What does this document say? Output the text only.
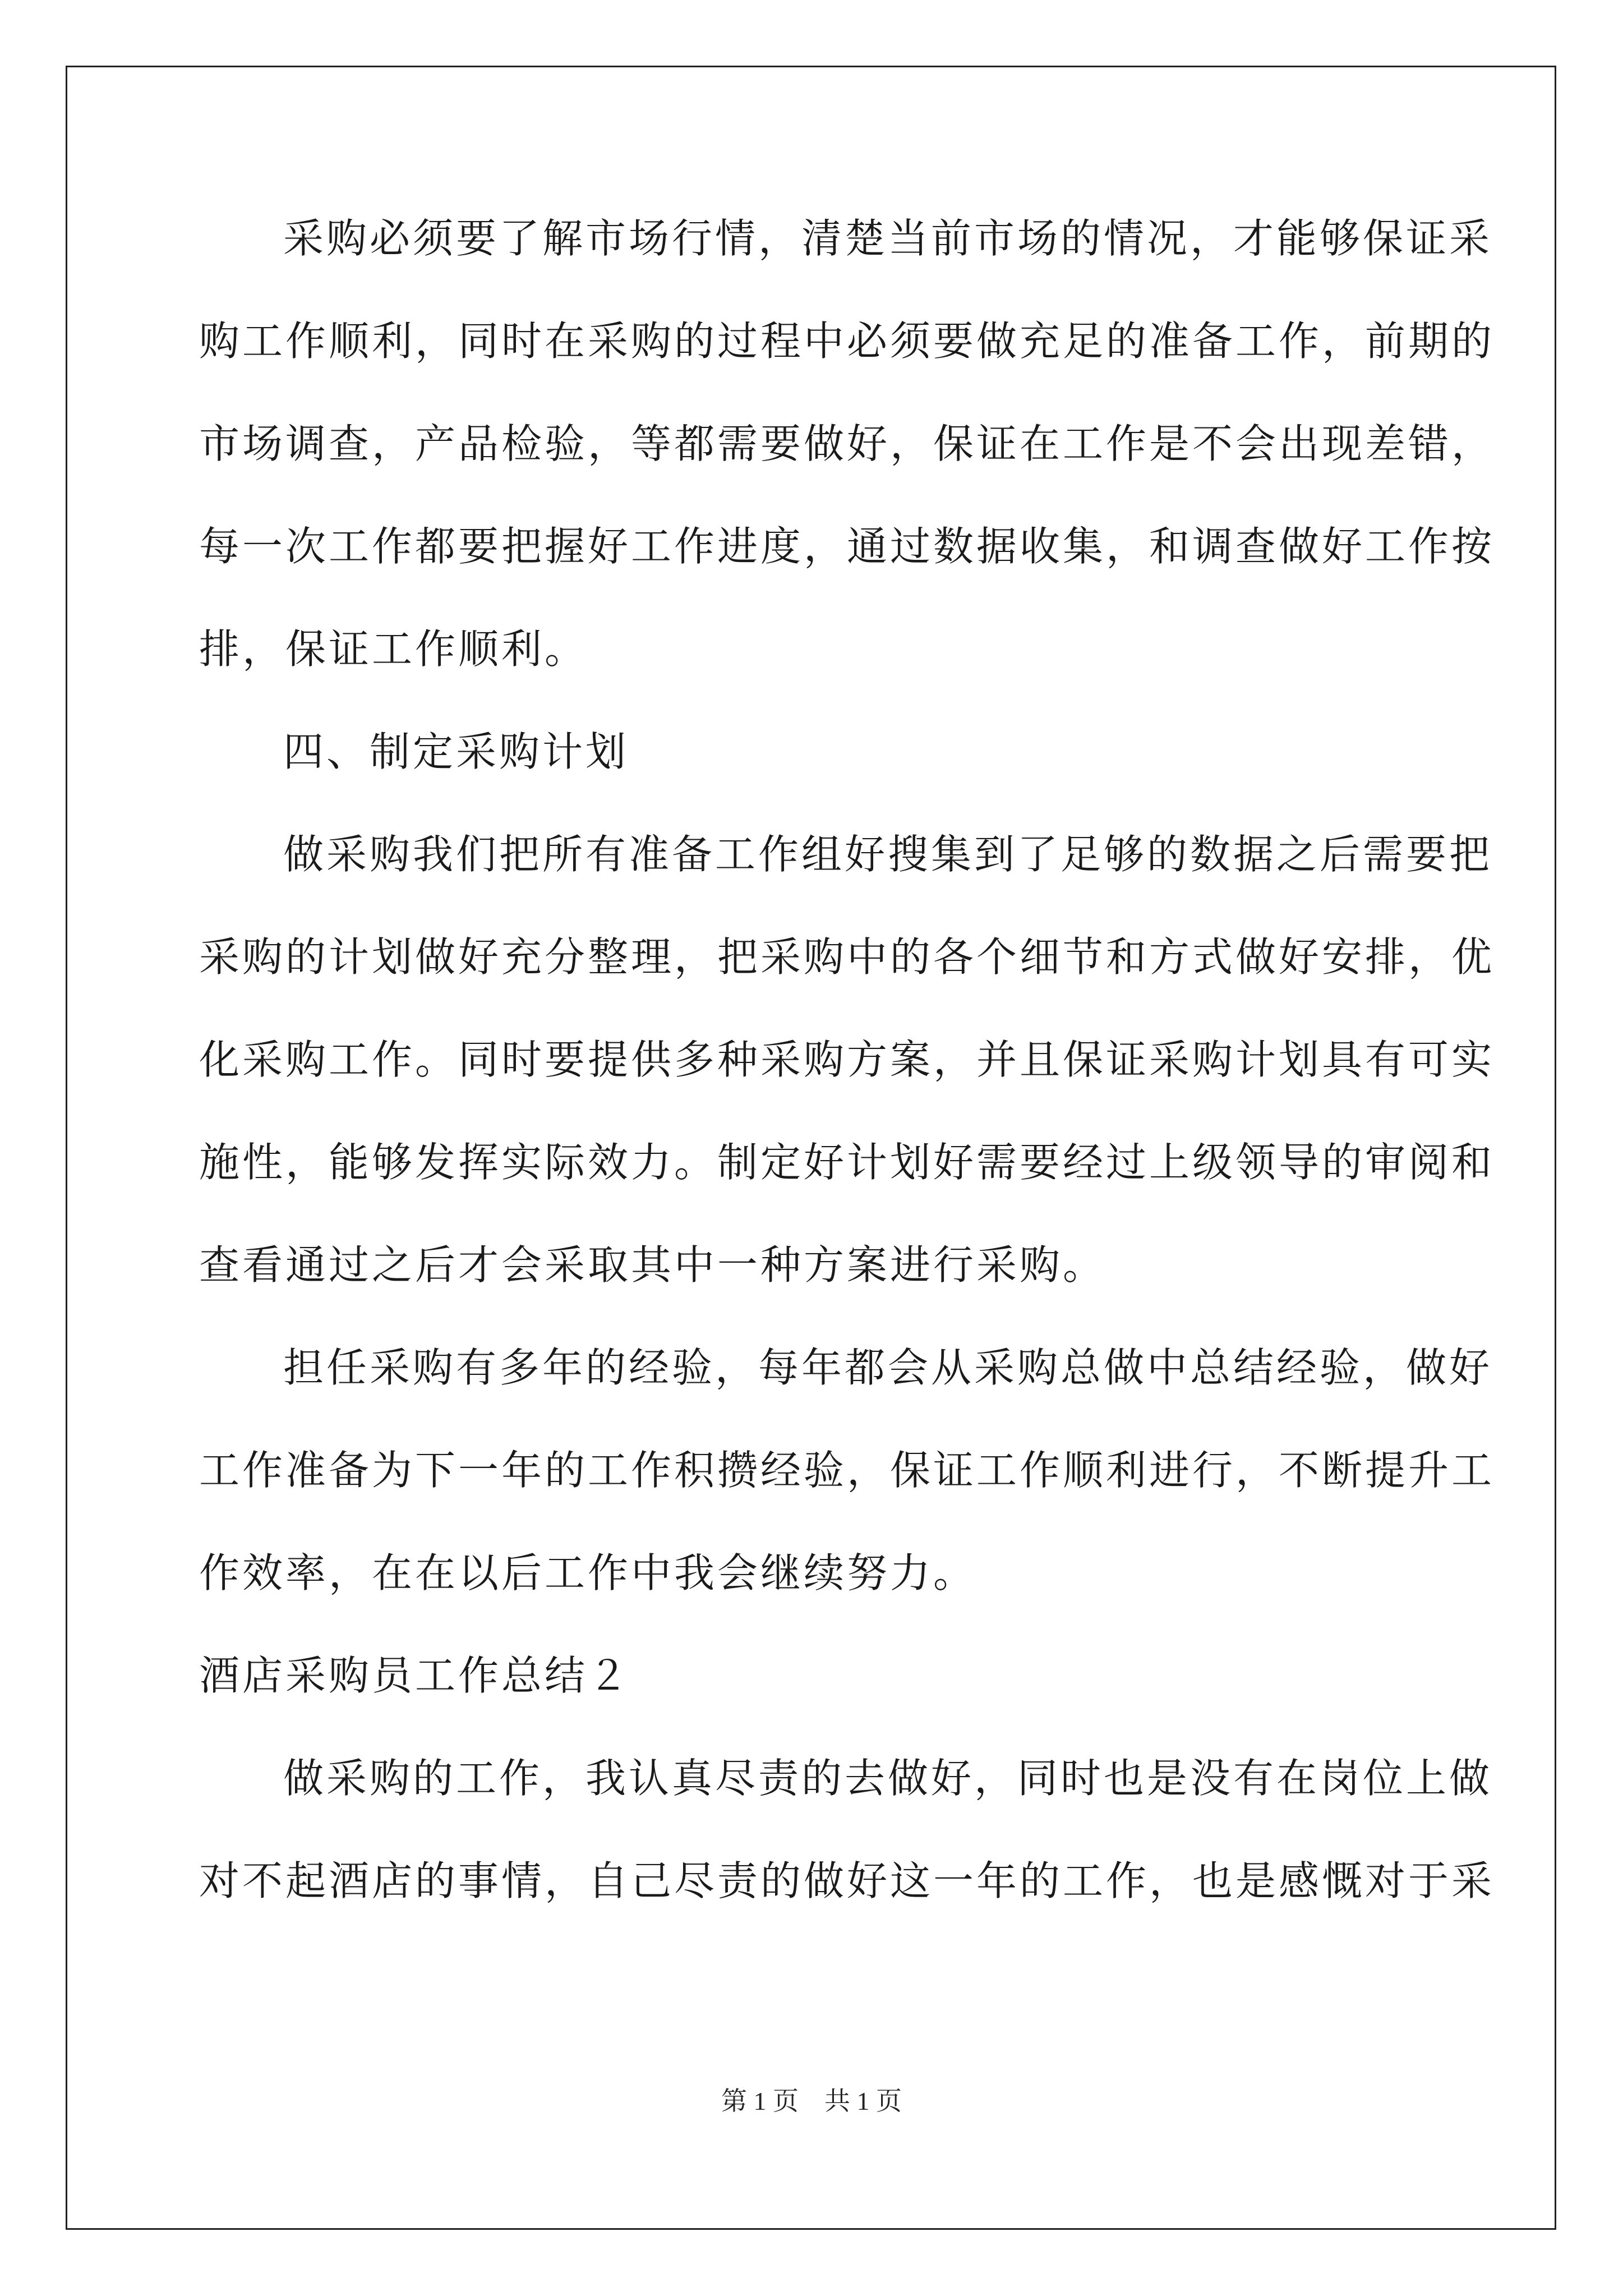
采购必须要了解市场行情，清楚当前市场的情况，才能够保证采
购工作顺利，同时在采购的过程中必须要做充足的准备工作，前期的
市场调查，产品检验，等都需要做好，保证在工作是不会出现差错，
每一次工作都要把握好工作进度，通过数据收集，和调查做好工作按
排，保证工作顺利。
四、制定采购计划
做采购我们把所有准备工作组好搜集到了足够的数据之后需要把
采购的计划做好充分整理，把采购中的各个细节和方式做好安排，优
化采购工作。同时要提供多种采购方案，并且保证采购计划具有可实
施性，能够发挥实际效力。制定好计划好需要经过上级领导的审阅和
查看通过之后才会采取其中一种方案进行采购。
担任采购有多年的经验，每年都会从采购总做中总结经验，做好
工作准备为下一年的工作积攒经验，保证工作顺利进行，不断提升工
作效率，在在以后工作中我会继续努力。
酒店采购员工作总结２
做采购的工作，我认真尽责的去做好，同时也是没有在岗位上做
对不起酒店的事情，自己尽责的做好这一年的工作，也是感慨对于采
第 1 页　共 1 页
